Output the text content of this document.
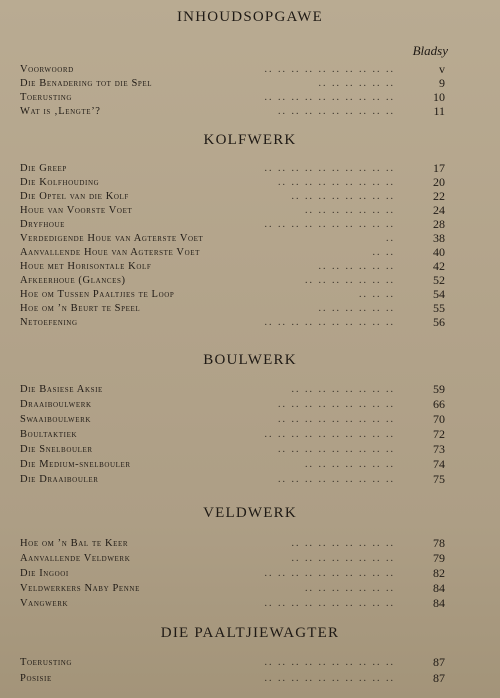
INHOUDSOPGAWE
Bladsy
Voorwoord	.. .. .. .. .. .. .. .. .. ..	v
Die Benadering tot die Spel	.. .. .. .. .. ..	9
Toerusting	.. .. .. .. .. .. .. .. .. ..	10
Wat is ‚Lengte’?	.. .. .. .. .. .. .. .. ..	11
KOLFWERK
Die Greep	.. .. .. .. .. .. .. .. .. ..	17
Die Kolfhouding	.. .. .. .. .. .. .. .. ..	20
Die Optel van die Kolf	.. .. .. .. .. .. .. ..	22
Houe van Voorste Voet	.. .. .. .. .. .. ..	24
Dryfhoue	.. .. .. .. .. .. .. .. .. ..	28
Verdedigende Houe van Agterste Voet	..	38
Aanvallende Houe van Agterste Voet	.. ..	40
Houe met Horisontale Kolf	.. .. .. .. .. ..	42
Afkeerhoue (Glances)	.. .. .. .. .. .. ..	52
Hoe om Tussen Paaltjies te Loop	.. .. ..	54
Hoe om ’n Beurt te Speel	.. .. .. .. .. ..	55
Netoefening	.. .. .. .. .. .. .. .. .. ..	56
BOULWERK
Die Basiese Aksie	.. .. .. .. .. .. .. ..	59
Draaiboulwerk	.. .. .. .. .. .. .. .. ..	66
Swaaiboulwerk	.. .. .. .. .. .. .. .. ..	70
Boultaktiek	.. .. .. .. .. .. .. .. .. ..	72
Die Snelbouler	.. .. .. .. .. .. .. .. ..	73
Die Medium-snelbouler	.. .. .. .. .. .. ..	74
Die Draaibouler	.. .. .. .. .. .. .. .. ..	75
VELDWERK
Hoe om ’n Bal te Keer	.. .. .. .. .. .. .. ..	78
Aanvallende Veldwerk	.. .. .. .. .. .. .. ..	79
Die Ingooi	.. .. .. .. .. .. .. .. .. ..	82
Veldwerkers Naby Penne	.. .. .. .. .. .. ..	84
Vangwerk	.. .. .. .. .. .. .. .. .. ..	84
DIE PAALTJIEWAGTER
Toerusting	.. .. .. .. .. .. .. .. .. ..	87
Posisie	.. .. .. .. .. .. .. .. .. ..	87
